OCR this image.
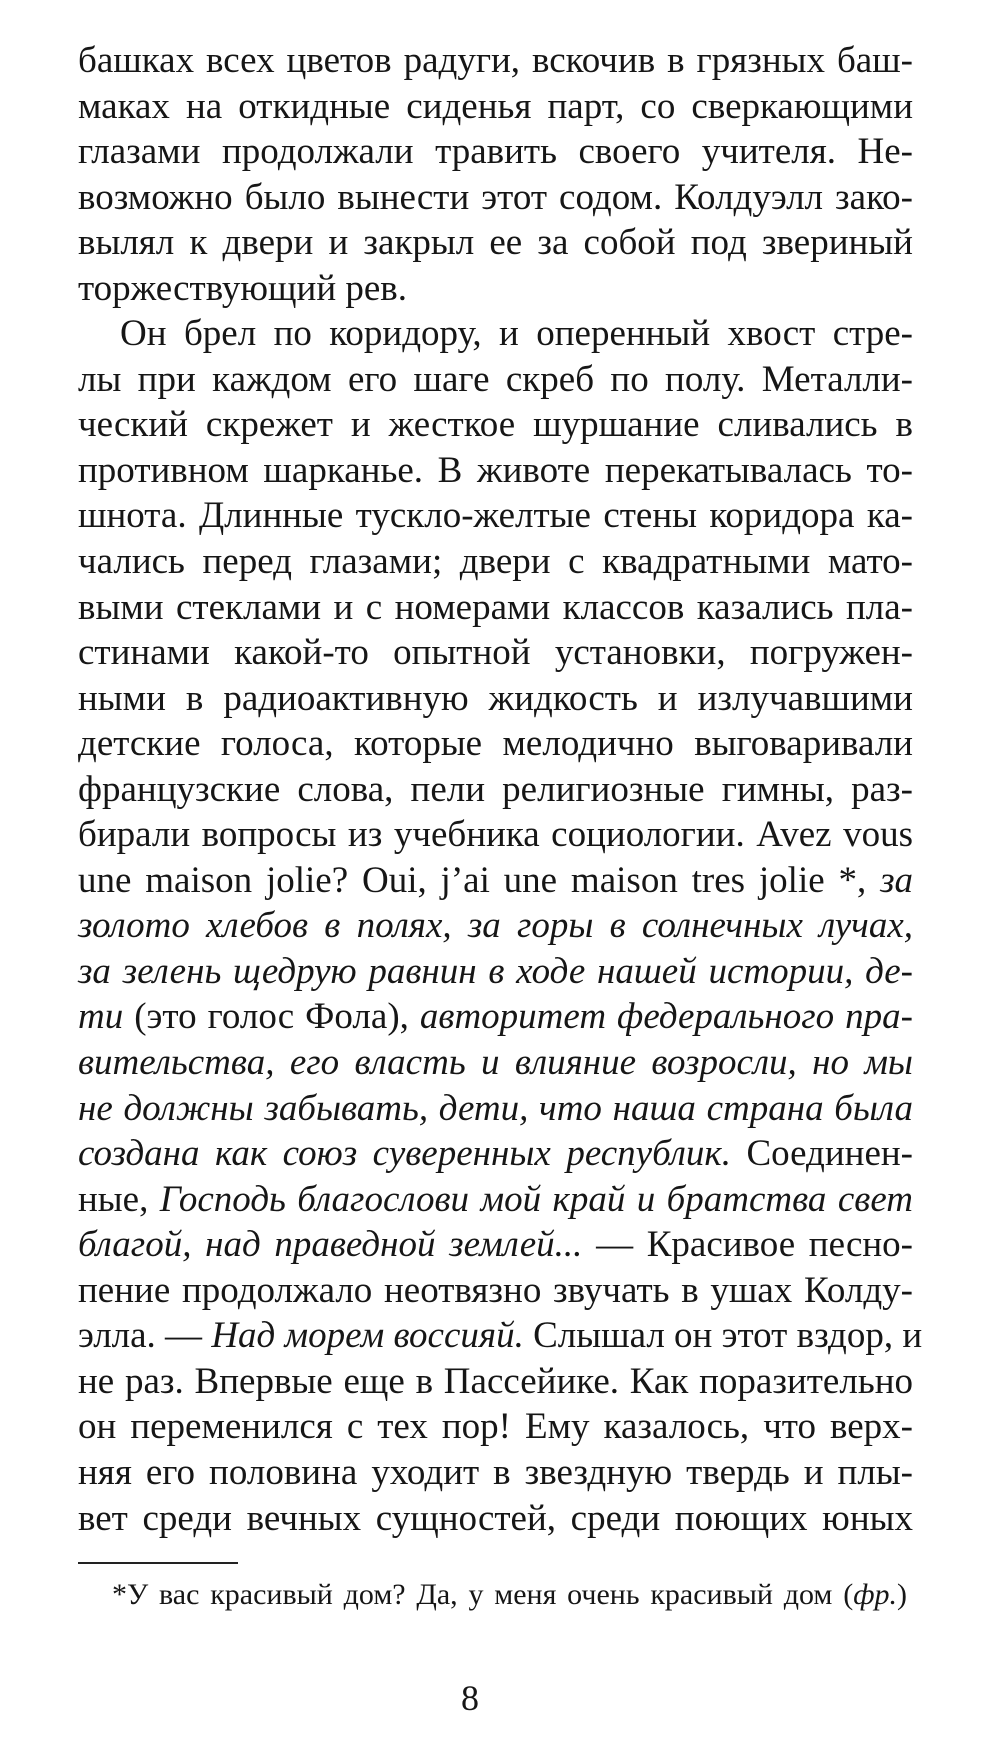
башках всех цветов радуги, вскочив в грязных баш-
маках на откидные сиденья парт, со сверкающими
глазами продолжали травить своего учителя. Не-
возможно было вынести этот содом. Колдуэлл зако-
вылял к двери и закрыл ее за собой под звериный
торжествующий рев.
Он брел по коридору, и оперенный хвост стре-
лы при каждом его шаге скреб по полу. Металли-
ческий скрежет и жесткое шуршание сливались в
противном шарканье. В животе перекатывалась то-
шнота. Длинные тускло-желтые стены коридора ка-
чались перед глазами; двери с квадратными мато-
выми стеклами и с номерами классов казались пла-
стинами какой-то опытной установки, погружен-
ными в радиоактивную жидкость и излучавшими
детские голоса, которые мелодично выговаривали
французские слова, пели религиозные гимны, раз-
бирали вопросы из учебника социологии. Avez vous
une maison jolie? Oui, j’ai une maison tres jolie *, за
золото хлебов в полях, за горы в солнечных лучах,
за зелень щедрую равнин в ходе нашей истории, де-
ти (это голос Фола), авторитет федерального пра-
вительства, его власть и влияние возросли, но мы
не должны забывать, дети, что наша страна была
создана как союз суверенных республик. Соединен-
ные, Господь благослови мой край и братства свет
благой, над праведной землей... — Красивое песно-
пение продолжало неотвязно звучать в ушах Колду-
элла. — Над морем воссияй. Слышал он этот вздор, и
не раз. Впервые еще в Пассейике. Как поразительно
он переменился с тех пор! Ему казалось, что верх-
няя его половина уходит в звездную твердь и плы-
вет среди вечных сущностей, среди поющих юных
*У вас красивый дом? Да, у меня очень красивый дом (фр.)
8
